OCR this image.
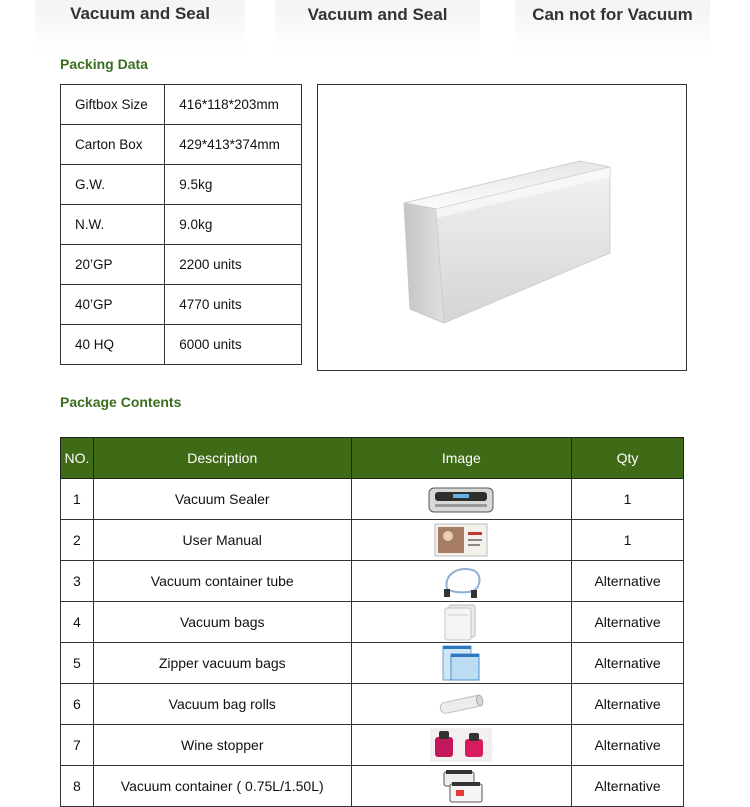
Vacuum and Seal	Vacuum and Seal	Can not for Vacuum
Packing Data
Giftbox Size	416*118*203mm
Carton Box	429*413*374mm
G.W.	9.5kg
N.W.	9.0kg
20’GP	2200 units
40’GP	4770 units
40 HQ	6000 units
Package Contents
NO.	Description	Image	Qty
1	Vacuum Sealer		1
2	User Manual		1
3	Vacuum container tube		Alternative
4	Vacuum bags		Alternative
5	Zipper vacuum bags		Alternative
6	Vacuum bag rolls		Alternative
7	Wine stopper		Alternative
8	Vacuum container ( 0.75L/1.50L)		Alternative
